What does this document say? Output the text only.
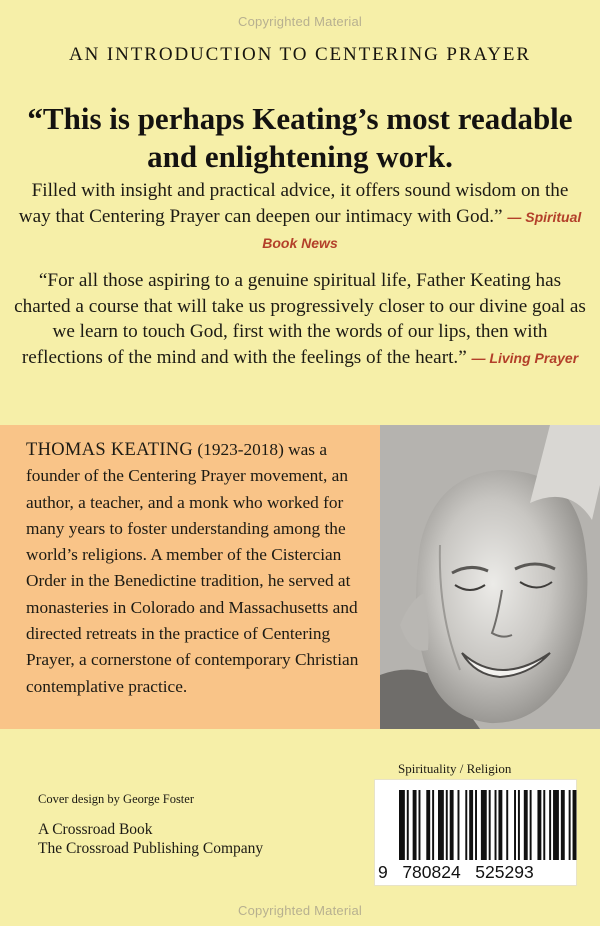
Copyrighted Material
AN INTRODUCTION TO CENTERING PRAYER
“This is perhaps Keating’s most readable and enlightening work.
Filled with insight and practical advice, it offers sound wisdom on the way that Centering Prayer can deepen our intimacy with God.” — Spiritual Book News
“For all those aspiring to a genuine spiritual life, Father Keating has charted a course that will take us progressively closer to our divine goal as we learn to touch God, first with the words of our lips, then with reflections of the mind and with the feelings of the heart.” — Living Prayer
THOMAS KEATING (1923-2018) was a founder of the Centering Prayer movement, an author, a teacher, and a monk who worked for many years to foster understanding among the world’s religions. A member of the Cistercian Order in the Benedictine tradition, he served at monasteries in Colorado and Massachusetts and directed retreats in the practice of Centering Prayer, a cornerstone of contemporary Christian contemplative practice.
Spirituality / Religion
9   780824   525293
Cover design by George Foster
A Crossroad Book
The Crossroad Publishing Company
Copyrighted Material
